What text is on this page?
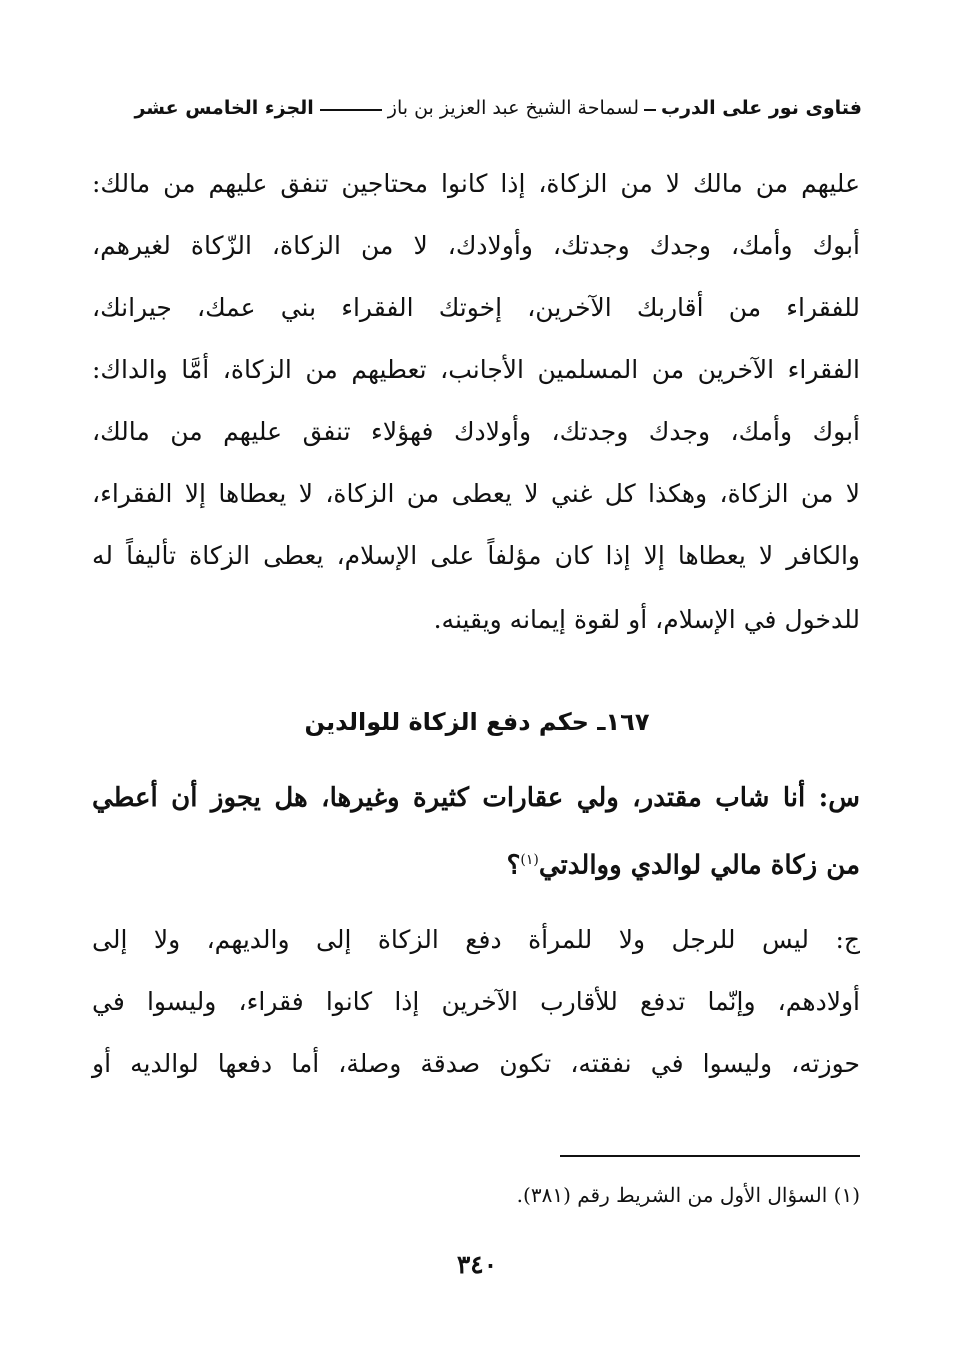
فتاوى نور على الدرب
لسماحة الشيخ عبد العزيز بن باز
الجزء الخامس عشر
عليهم من مالك لا من الزكاة، إذا كانوا محتاجين تنفق عليهم من مالك:
أبوك وأمك، وجدك وجدتك، وأولادك، لا من الزكاة، الزّكاة لغيرهم،
للفقراء من أقاربك الآخرين، إخوتك الفقراء بني عمك، جيرانك،
الفقراء الآخرين من المسلمين الأجانب، تعطيهم من الزكاة، أمَّا والداك:
أبوك وأمك، وجدك وجدتك، وأولادك فهؤلاء تنفق عليهم من مالك،
لا من الزكاة، وهكذا كل غني لا يعطى من الزكاة، لا يعطاها إلا الفقراء،
والكافر لا يعطاها إلا إذا كان مؤلفاً على الإسلام، يعطى الزكاة تأليفاً له
للدخول في الإسلام، أو لقوة إيمانه ويقينه.
١٦٧ـ حكم دفع الزكاة للوالدين
س: أنا شاب مقتدر، ولي عقارات كثيرة وغيرها، هل يجوز أن أعطي
من زكاة مالي لوالدي ووالدتي$^{(١)}$؟
ج: ليس للرجل ولا للمرأة دفع الزكاة إلى والديهم، ولا إلى
أولادهم، وإنّما تدفع للأقارب الآخرين إذا كانوا فقراء، وليسوا في
حوزته، وليسوا في نفقته، تكون صدقة وصلة، أما دفعها لوالديه أو
(١) السؤال الأول من الشريط رقم (٣٨١).
٣٤٠
